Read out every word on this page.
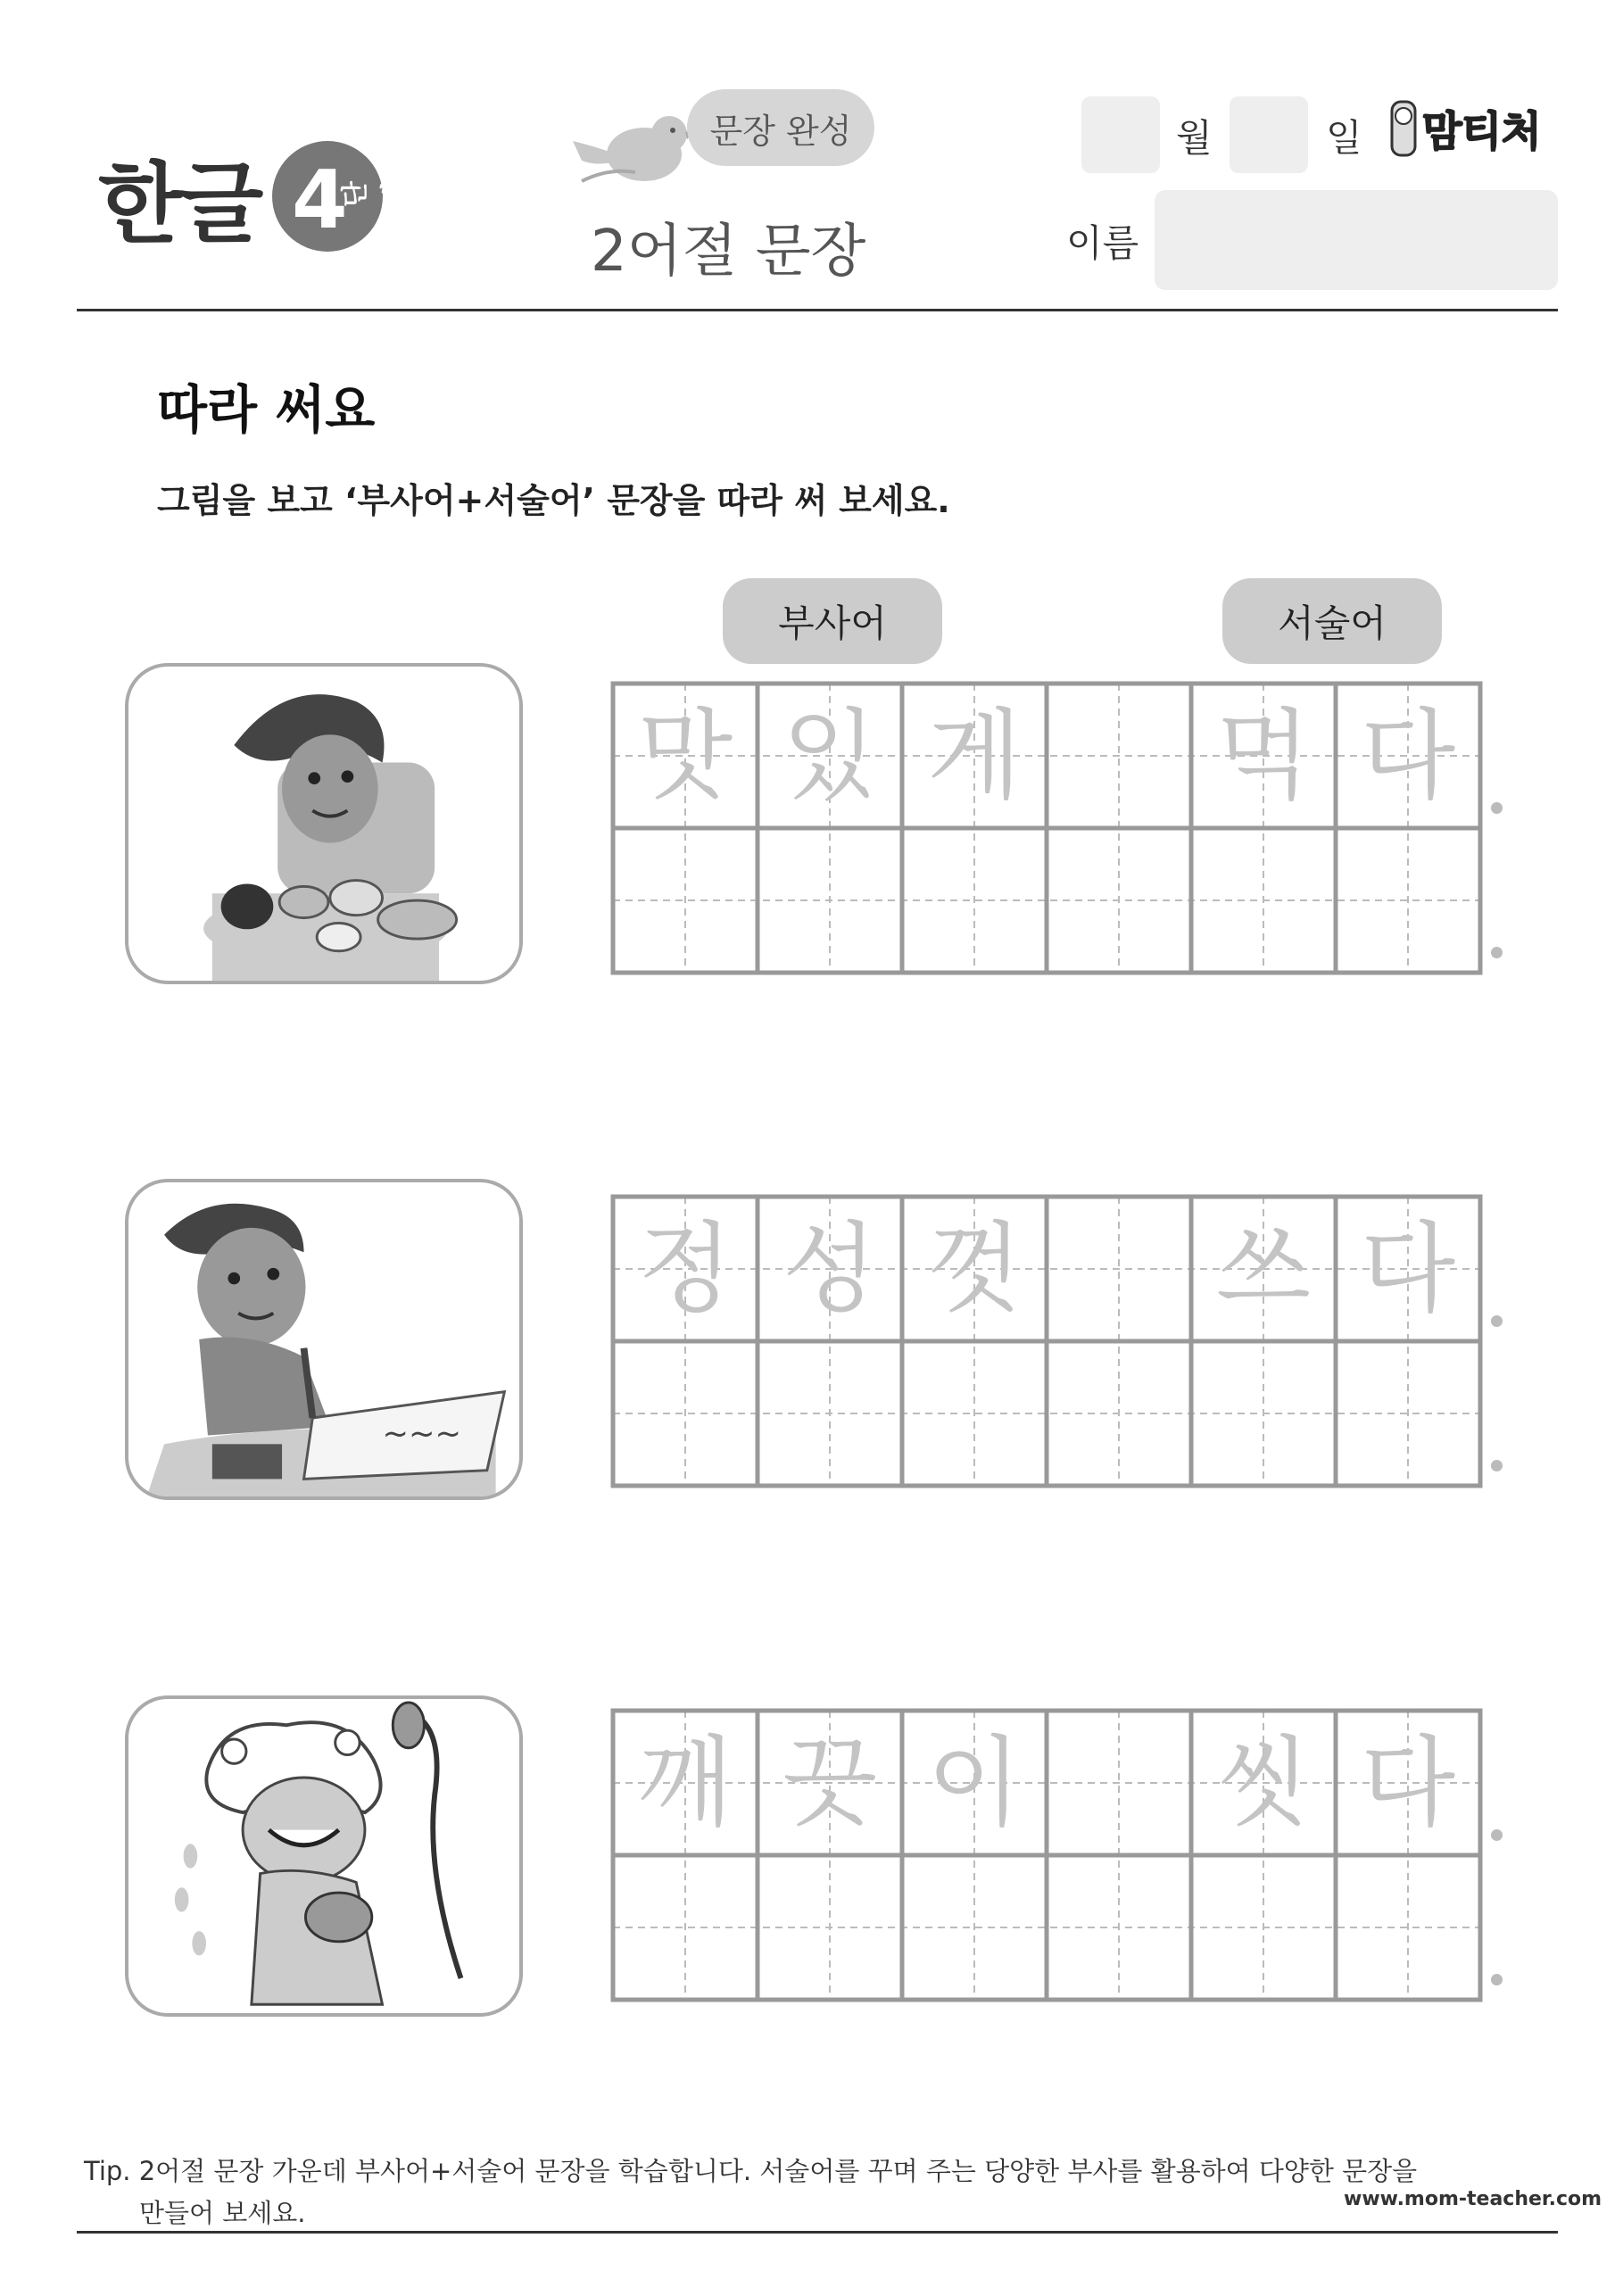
한글 4
단계
문장 완성
2어절 문장
월	일 맘티처
이름
따라 써요
그림을 보고 ‘부사어+서술어’ 문장을 따라 써 보세요.
부사어	서술어
맛 있 게 먹 다
~~~
정 성 껏 쓰 다
깨 끗 이 씻 다
Tip. 2어절 문장 가운데 부사어+서술어 문장을 학습합니다. 서술어를 꾸며 주는 당양한 부사를 활용하여 다양한 문장을
만들어 보세요.	www.mom-teacher.com
